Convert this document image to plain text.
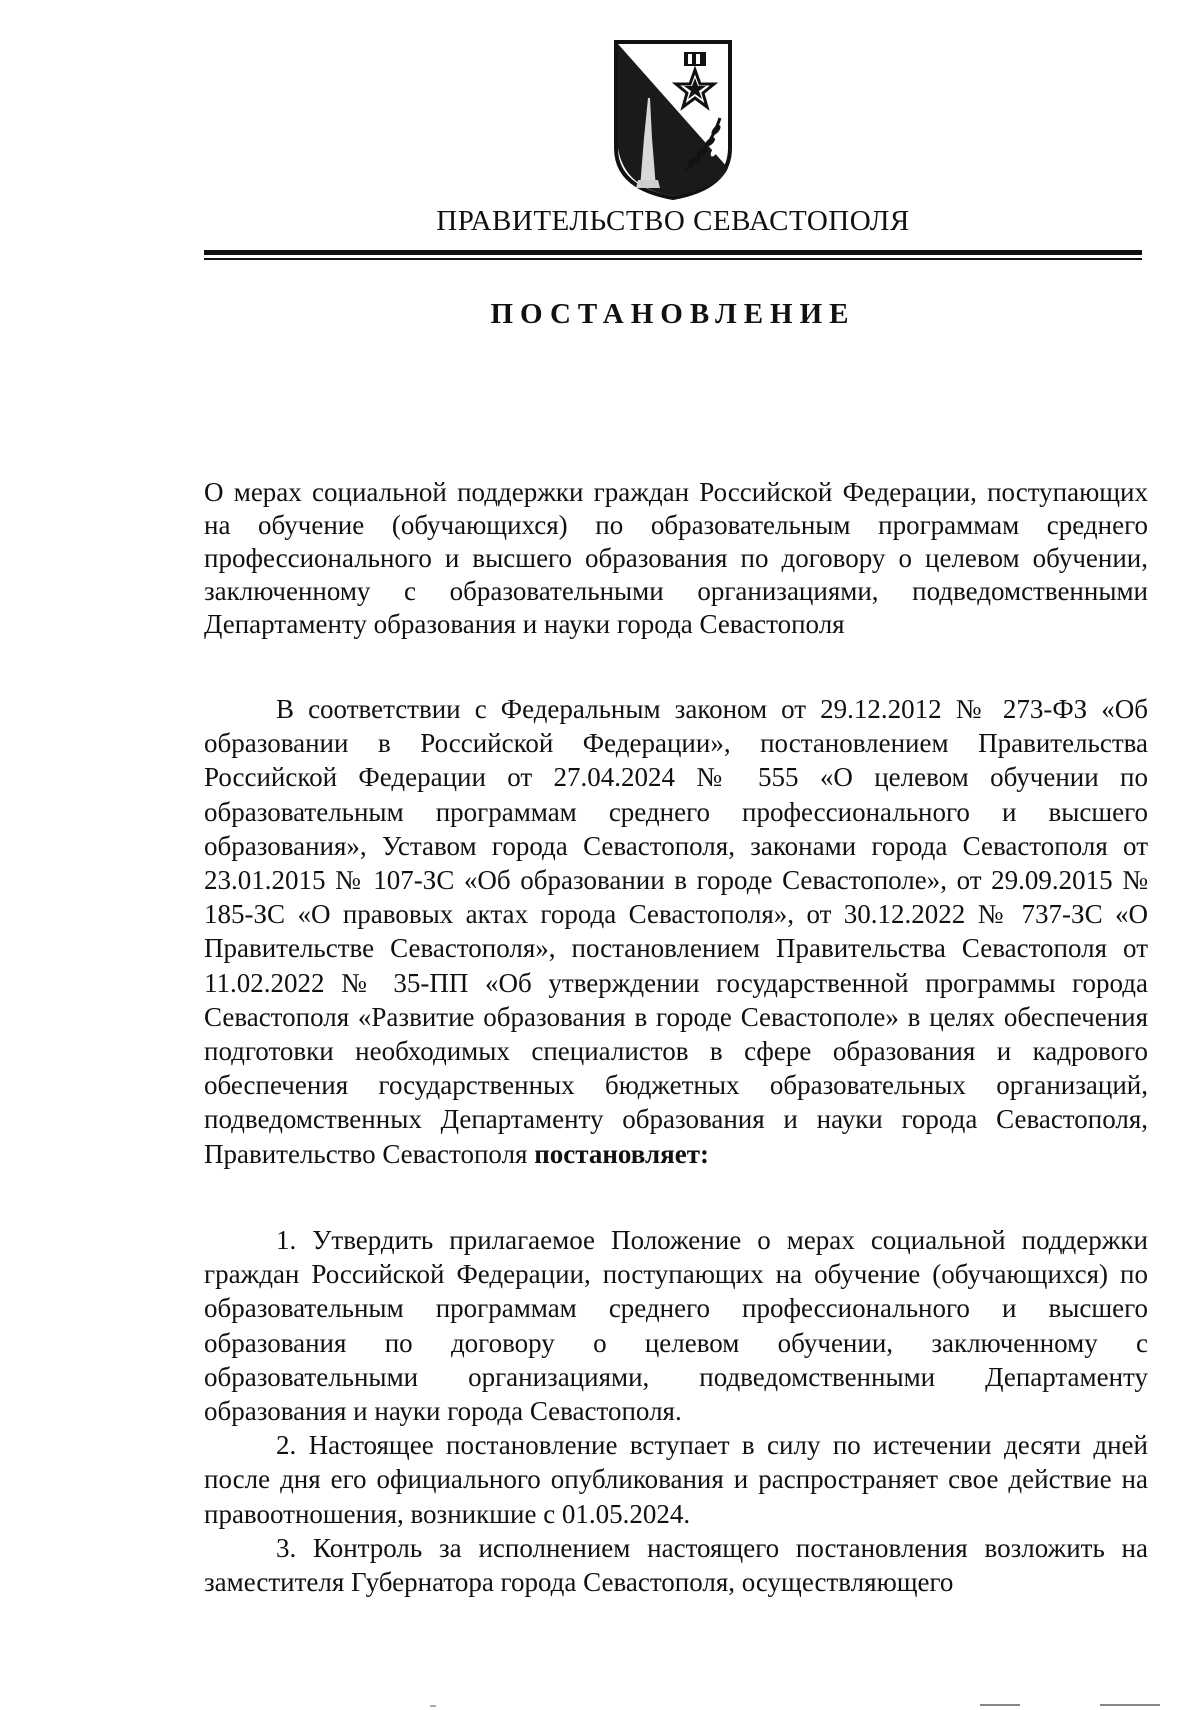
ПРАВИТЕЛЬСТВО СЕВАСТОПОЛЯ
ПОСТАНОВЛЕНИЕ

О мерах социальной поддержки граждан Российской Федерации, поступающих на обучение (обучающихся) по образовательным программам среднего профессионального и высшего образования по договору о целевом обучении, заключенному с образовательными организациями, подведомственными Департаменту образования и науки города Севастополя

В соответствии с Федеральным законом от 29.12.2012 № 273-ФЗ «Об образовании в Российской Федерации», постановлением Правительства Российской Федерации от 27.04.2024 № 555 «О целевом обучении по образовательным программам среднего профессионального и высшего образования», Уставом города Севастополя, законами города Севастополя от 23.01.2015 № 107-ЗС «Об образовании в городе Севастополе», от 29.09.2015 № 185-ЗС «О правовых актах города Севастополя», от 30.12.2022 № 737-ЗС «О Правительстве Севастополя», постановлением Правительства Севастополя от 11.02.2022 № 35-ПП «Об утверждении государственной программы города Севастополя «Развитие образования в городе Севастополе» в целях обеспечения подготовки необходимых специалистов в сфере образования и кадрового обеспечения государственных бюджетных образовательных организаций, подведомственных Департаменту образования и науки города Севастополя, Правительство Севастополя постановляет:

1. Утвердить прилагаемое Положение о мерах социальной поддержки граждан Российской Федерации, поступающих на обучение (обучающихся) по образовательным программам среднего профессионального и высшего образования по договору о целевом обучении, заключенному с образовательными организациями, подведомственными Департаменту образования и науки города Севастополя.

2. Настоящее постановление вступает в силу по истечении десяти дней после дня его официального опубликования и распространяет свое действие на правоотношения, возникшие с 01.05.2024.

3. Контроль за исполнением настоящего постановления возложить на заместителя Губернатора города Севастополя, осуществляющего
